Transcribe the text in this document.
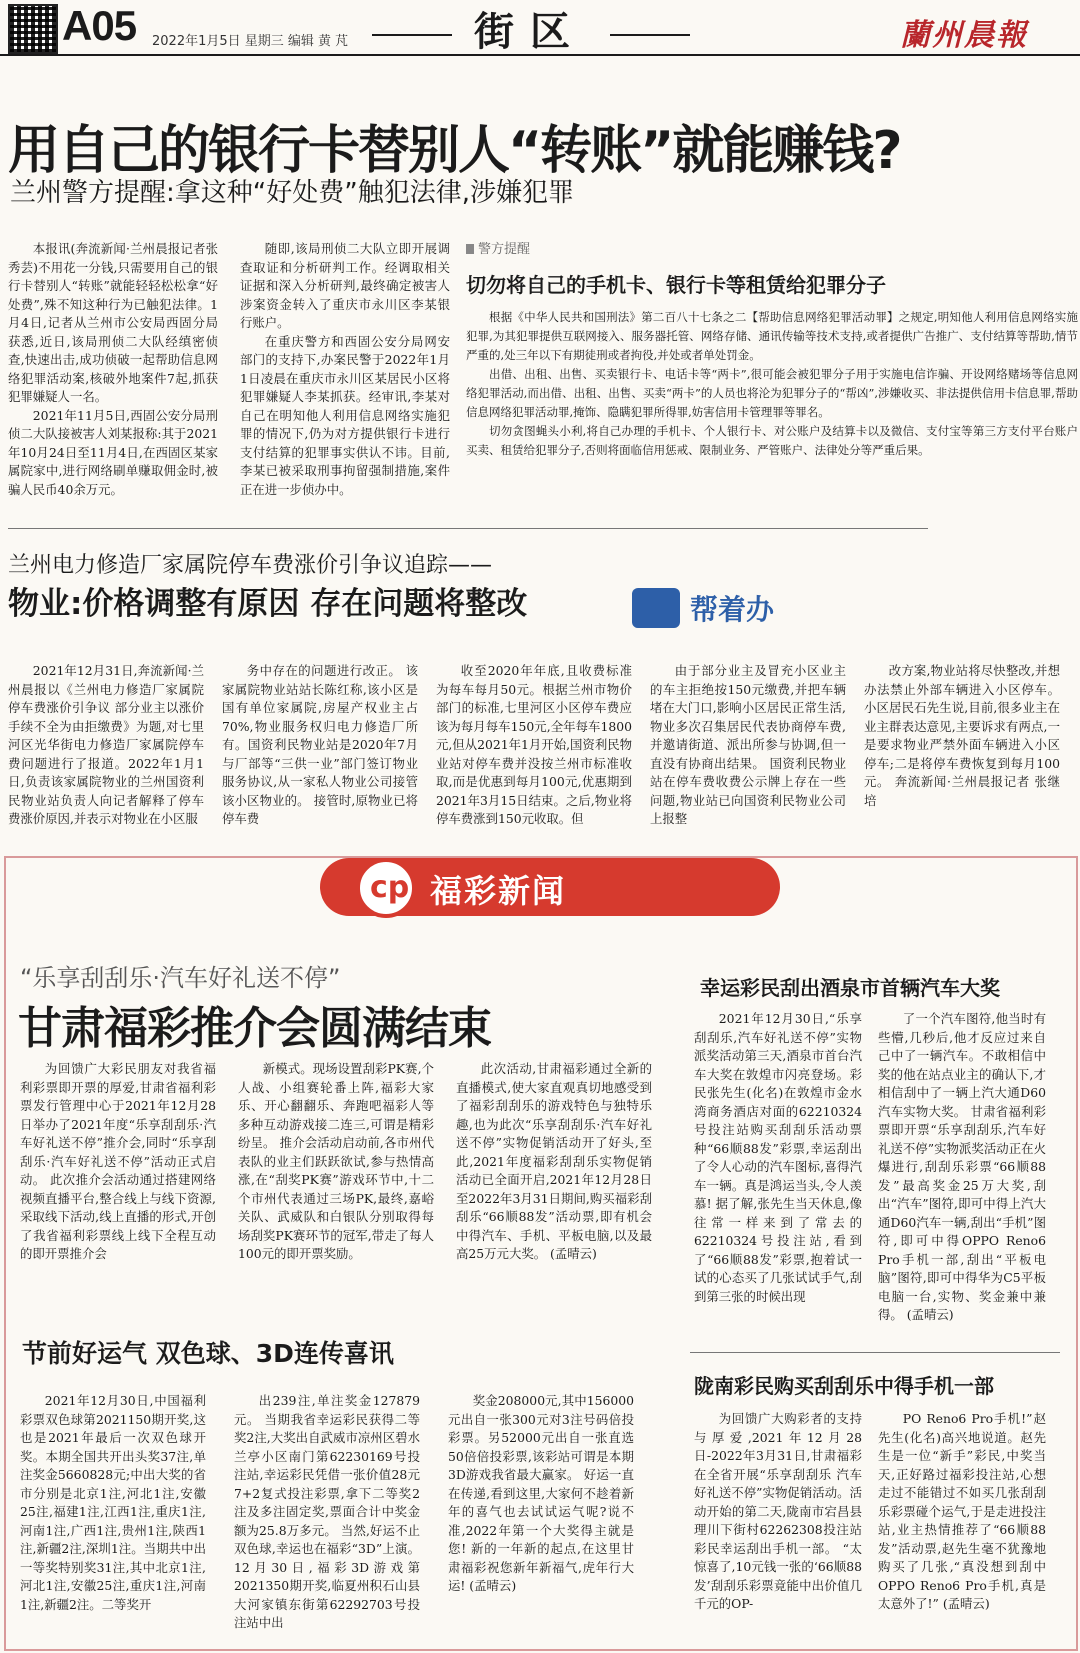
A05 2022年1月5日 星期三 编辑 黄 芃	街区	蘭州晨報
用自己的银行卡替别人“转账”就能赚钱?
兰州警方提醒:拿这种“好处费”触犯法律,涉嫌犯罪

本报讯(奔流新闻·兰州晨报记者张秀芸)不用花一分钱,只需要用自己的银行卡替别人“转账”就能轻轻松松拿“好处费”,殊不知这种行为已触犯法律。1月4日,记者从兰州市公安局西固分局获悉,近日,该局刑侦二大队经缜密侦查,快速出击,成功侦破一起帮助信息网络犯罪活动案,核破外地案件7起,抓获犯罪嫌疑人一名。

2021年11月5日,西固公安分局刑侦二大队接被害人刘某报称:其于2021年10月24日至11月4日,在西固区某家属院家中,进行网络刷单赚取佣金时,被骗人民币40余万元。

随即,该局刑侦二大队立即开展调查取证和分析研判工作。经调取相关证据和深入分析研判,最终确定被害人涉案资金转入了重庆市永川区李某银行账户。

在重庆警方和西固公安分局网安部门的支持下,办案民警于2022年1月1日凌晨在重庆市永川区某居民小区将犯罪嫌疑人李某抓获。经审讯,李某对自己在明知他人利用信息网络实施犯罪的情况下,仍为对方提供银行卡进行支付结算的犯罪事实供认不讳。目前,李某已被采取刑事拘留强制措施,案件正在进一步侦办中。

警方提醒
切勿将自己的手机卡、银行卡等租赁给犯罪分子

根据《中华人民共和国刑法》第二百八十七条之二【帮助信息网络犯罪活动罪】之规定,明知他人利用信息网络实施犯罪,为其犯罪提供互联网接入、服务器托管、网络存储、通讯传输等技术支持,或者提供广告推广、支付结算等帮助,情节严重的,处三年以下有期徒刑或者拘役,并处或者单处罚金。

出借、出租、出售、买卖银行卡、电话卡等“两卡”,很可能会被犯罪分子用于实施电信诈骗、开设网络赌场等信息网络犯罪活动,而出借、出租、出售、买卖“两卡”的人员也将沦为犯罪分子的“帮凶”,涉嫌收买、非法提供信用卡信息罪,帮助信息网络犯罪活动罪,掩饰、隐瞒犯罪所得罪,妨害信用卡管理罪等罪名。

切勿贪图蝇头小利,将自己办理的手机卡、个人银行卡、对公账户及结算卡以及微信、支付宝等第三方支付平台账户买卖、租赁给犯罪分子,否则将面临信用惩戒、限制业务、严管账户、法律处分等严重后果。

兰州电力修造厂家属院停车费涨价引争议追踪——
物业:价格调整有原因 存在问题将整改	帮着办

2021年12月31日,奔流新闻·兰州晨报以《兰州电力修造厂家属院停车费涨价引争议 部分业主以涨价手续不全为由拒缴费》为题,对七里河区光华街电力修造厂家属院停车费问题进行了报道。2022年1月1日,负责该家属院物业的兰州国资利民物业站负责人向记者解释了停车费涨价原因,并表示对物业在小区服

务中存在的问题进行改正。 该家属院物业站站长陈红称,该小区是国有单位家属院,房屋产权业主占70%,物业服务权归电力修造厂所有。国资利民物业站是2020年7月与厂部等“三供一业”部门签订物业服务协议,从一家私人物业公司接管该小区物业的。 接管时,原物业已将停车费

收至2020年年底,且收费标准为每车每月50元。根据兰州市物价部门的标准,七里河区小区停车费应该为每月每车150元,全年每车1800元,但从2021年1月开始,国资利民物业站对停车费并没按兰州市标准收取,而是优惠到每月100元,优惠期到2021年3月15日结束。之后,物业将停车费涨到150元收取。但

由于部分业主及冒充小区业主的车主拒绝按150元缴费,并把车辆堵在大门口,影响小区居民正常生活,物业多次召集居民代表协商停车费,并邀请街道、派出所参与协调,但一直没有协商出结果。 国资利民物业站在停车费收费公示牌上存在一些问题,物业站已向国资利民物业公司上报整

改方案,物业站将尽快整改,并想办法禁止外部车辆进入小区停车。 小区居民石先生说,目前,很多业主在业主群表达意见,主要诉求有两点,一是要求物业严禁外面车辆进入小区停车;二是将停车费恢复到每月100元。 奔流新闻·兰州晨报记者 张继培

cp 福彩新闻
“乐享刮刮乐·汽车好礼送不停”
甘肃福彩推介会圆满结束

为回馈广大彩民朋友对我省福利彩票即开票的厚爱,甘肃省福利彩票发行管理中心于2021年12月28日举办了2021年度“乐享刮刮乐·汽车好礼送不停”推介会,同时“乐享刮刮乐·汽车好礼送不停”活动正式启动。 此次推介会活动通过搭建网络视频直播平台,整合线上与线下资源,采取线下活动,线上直播的形式,开创了我省福利彩票线上线下全程互动的即开票推介会

新模式。现场设置刮彩PK赛,个人战、小组赛轮番上阵,福彩大家乐、开心翻翻乐、奔跑吧福彩人等多种互动游戏接二连三,可谓是精彩纷呈。 推介会活动启动前,各市州代表队的业主们跃跃欲试,参与热情高涨,在“刮奖PK赛”游戏环节中,十二个市州代表通过三场PK,最终,嘉峪关队、武威队和白银队分别取得每场刮奖PK赛环节的冠军,带走了每人100元的即开票奖励。

此次活动,甘肃福彩通过全新的直播模式,使大家直观真切地感受到了福彩刮刮乐的游戏特色与独特乐趣,也为此次“乐享刮刮乐·汽车好礼送不停”实物促销活动开了好头,至此,2021年度福彩刮刮乐实物促销活动已全面开启,2021年12月28日至2022年3月31日期间,购买福彩刮刮乐“66顺88发”活动票,即有机会中得汽车、手机、平板电脑,以及最高25万元大奖。 (孟晴云)

幸运彩民刮出酒泉市首辆汽车大奖

2021年12月30日,“乐享刮刮乐,汽车好礼送不停”实物派奖活动第三天,酒泉市首台汽车大奖在敦煌市闪亮登场。彩民张先生(化名)在敦煌市金水湾商务酒店对面的62210324号投注站购买刮刮乐活动票种“66顺88发”彩票,幸运刮出了令人心动的汽车图标,喜得汽车一辆。真是鸿运当头,令人羡慕! 据了解,张先生当天休息,像往常一样来到了常去的62210324号投注站,看到了“66顺88发”彩票,抱着试一试的心态买了几张试试手气,刮到第三张的时候出现

了一个汽车图符,他当时有些懵,几秒后,他才反应过来自己中了一辆汽车。不敢相信中奖的他在站点业主的确认下,才相信刮中了一辆上汽大通D60汽车实物大奖。 甘肃省福利彩票即开票“乐享刮刮乐,汽车好礼送不停”实物派奖活动正在火爆进行,刮刮乐彩票“66顺88发”最高奖金25万大奖,刮出“汽车”图符,即可中得上汽大通D60汽车一辆,刮出“手机”图符,即可中得OPPO Reno6 Pro手机一部,刮出“平板电脑”图符,即可中得华为C5平板电脑一台,实物、奖金兼中兼得。 (孟晴云)

节前好运气 双色球、3D连传喜讯

2021年12月30日,中国福利彩票双色球第2021150期开奖,这也是2021年最后一次双色球开奖。本期全国共开出头奖37注,单注奖金5660828元;中出大奖的省市分别是北京1注,河北1注,安徽25注,福建1注,江西1注,重庆1注,河南1注,广西1注,贵州1注,陕西1注,新疆2注,深圳1注。当期共中出一等奖特别奖31注,其中北京1注,河北1注,安徽25注,重庆1注,河南1注,新疆2注。二等奖开

出239注,单注奖金127879元。 当期我省幸运彩民获得二等奖2注,大奖出自武威市凉州区碧水兰亭小区南门第62230169号投注站,幸运彩民凭借一张价值28元7+2复式投注彩票,拿下二等奖2注及多注固定奖,票面合计中奖金额为25.8万多元。 当然,好运不止双色球,幸运也在福彩“3D”上演。12月30日,福彩3D游戏第2021350期开奖,临夏州积石山县大河家镇东街第62292703号投注站中出

奖金208000元,其中156000元出自一张300元对3注号码倍投彩票。另52000元出自一张直选50倍倍投彩票,该彩站可谓是本期3D游戏我省最大赢家。 好运一直在传递,看到这里,大家何不趁着新年的喜气也去试试运气呢?说不准,2022年第一个大奖得主就是您! 新的一年新的起点,在这里甘肃福彩祝您新年新福气,虎年行大运! (孟晴云)

陇南彩民购买刮刮乐中得手机一部

为回馈广大购彩者的支持与厚爱,2021年12月28日-2022年3月31日,甘肃福彩在全省开展“乐享刮刮乐 汽车好礼送不停”实物促销活动。活动开始的第二天,陇南市宕昌县理川下街村62262308投注站彩民幸运刮出手机一部。 “太惊喜了,10元钱一张的‘66顺88发’刮刮乐彩票竟能中出价值几千元的OP-

PO Reno6 Pro手机!”赵先生(化名)高兴地说道。赵先生是一位“新手”彩民,中奖当天,正好路过福彩投注站,心想走过不能错过不如买几张刮刮乐彩票碰个运气,于是走进投注站,业主热情推荐了“66顺88发”活动票,赵先生毫不犹豫地购买了几张,“真没想到刮中OPPO Reno6 Pro手机,真是太意外了!” (孟晴云)
